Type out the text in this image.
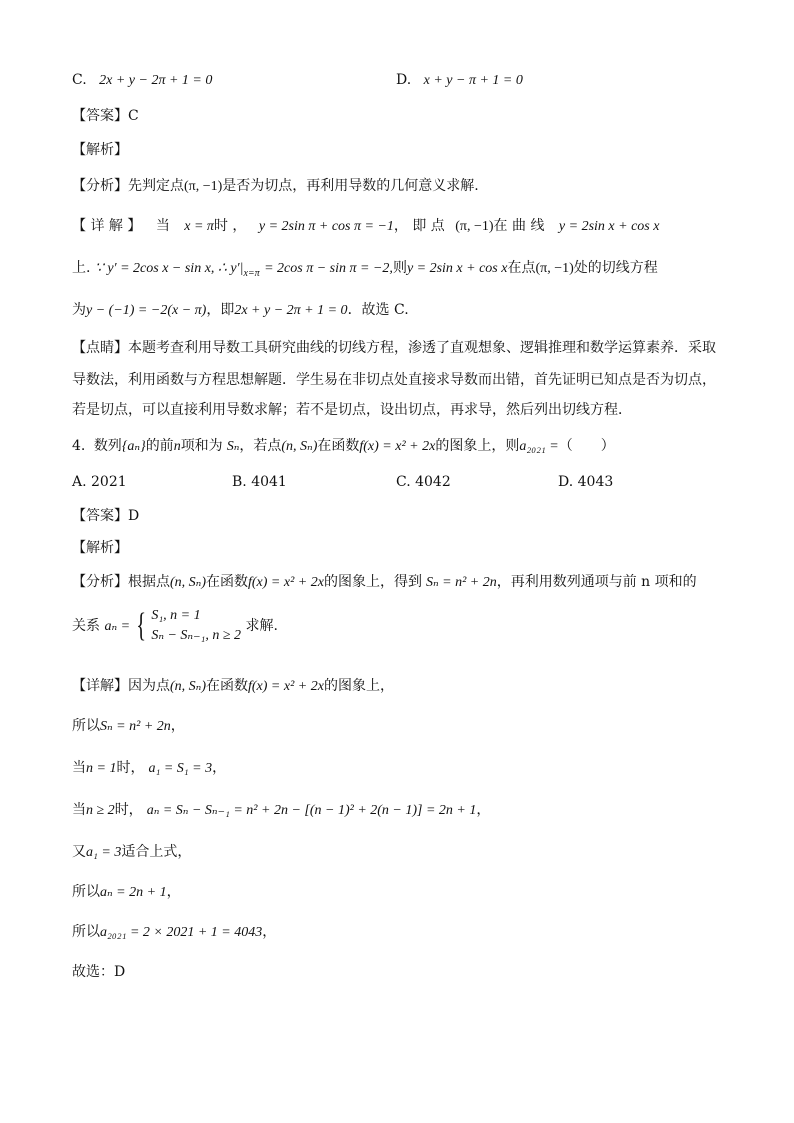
C. 2x + y − 2π + 1 = 0	D. x + y − π + 1 = 0
【答案】C
【解析】
【分析】先判定点(π, −1)是否为切点，再利用导数的几何意义求解.
【 详 解 】 当 x = π时 ， y = 2sin π + cos π = −1， 即 点 (π, −1)在 曲 线 y = 2sin x + cos x
上. ∵ y′ = 2cos x − sin x, ∴ $y'|_{x=\pi} = 2\cos$ π − sin π = −2,则y = 2sin x + cos x在点(π, −1)处的切线方程
为y − (−1) = −2(x − π)，即2x + y − 2π + 1 = 0．故选 C.
【点睛】本题考查利用导数工具研究曲线的切线方程，渗透了直观想象、逻辑推理和数学运算素养．采取
导数法，利用函数与方程思想解题．学生易在非切点处直接求导数而出错，首先证明已知点是否为切点，
若是切点，可以直接利用导数求解；若不是切点，设出切点，再求导，然后列出切线方程．
4. 数列{aₙ}的前n项和为 Sₙ，若点(n, Sₙ)在函数f(x) = x² + 2x的图象上，则a₂₀₂₁ =（　　）
A. 2021	B. 4041	C. 4042	D. 4043
【答案】D
【解析】
【分析】根据点(n, Sₙ)在函数f(x) = x² + 2x的图象上，得到 Sₙ = n² + 2n，再利用数列通项与前 n 项和的
关系 aₙ = { S₁, n = 1
Sₙ − Sₙ₋₁, n ≥ 2
求解.
【详解】因为点(n, Sₙ)在函数f(x) = x² + 2x的图象上，
所以Sₙ = n² + 2n，
当n = 1时， a₁ = S₁ = 3，
当n ≥ 2时， aₙ = Sₙ − Sₙ₋₁ = n² + 2n − [(n − 1)² + 2(n − 1)] = 2n + 1，
又a₁ = 3适合上式，
所以aₙ = 2n + 1，
所以a₂₀₂₁ = 2 × 2021 + 1 = 4043，
故选：D
